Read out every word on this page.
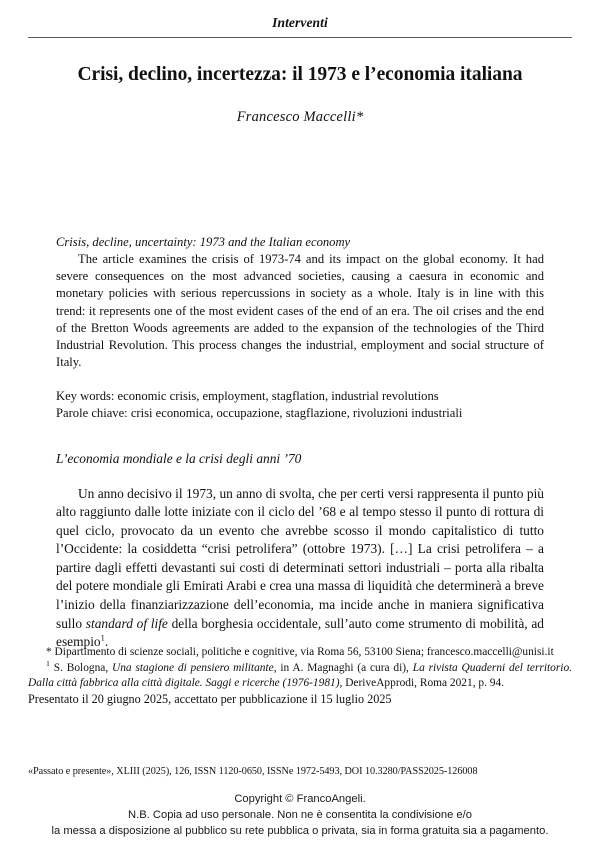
Interventi
Crisi, declino, incertezza: il 1973 e l’economia italiana
Francesco Maccelli*
Crisis, decline, uncertainty: 1973 and the Italian economy

The article examines the crisis of 1973-74 and its impact on the global economy. It had severe consequences on the most advanced societies, causing a caesura in economic and monetary policies with serious repercussions in society as a whole. Italy is in line with this trend: it represents one of the most evident cases of the end of an era. The oil crises and the end of the Bretton Woods agreements are added to the expansion of the technologies of the Third Industrial Revolution. This process changes the industrial, employment and social structure of Italy.

Key words: economic crisis, employment, stagflation, industrial revolutions
Parole chiave: crisi economica, occupazione, stagflazione, rivoluzioni industriali
L’economia mondiale e la crisi degli anni ’70

Un anno decisivo il 1973, un anno di svolta, che per certi versi rappresenta il punto più alto raggiunto dalle lotte iniziate con il ciclo del ’68 e al tempo stesso il punto di rottura di quel ciclo, provocato da un evento che avrebbe scosso il mondo capitalistico di tutto l’Occidente: la cosiddetta “crisi petrolifera” (ottobre 1973). […] La crisi petrolifera – a partire dagli effetti devastanti sui costi di determinati settori industriali – porta alla ribalta del potere mondiale gli Emirati Arabi e crea una massa di liquidità che determinerà a breve l’inizio della finanziarizzazione dell’economia, ma incide anche in maniera significativa sullo standard of life della borghesia occidentale, sull’auto come strumento di mobilità, ad esempio$^1$.

* Dipartimento di scienze sociali, politiche e cognitive, via Roma 56, 53100 Siena; francesco.maccelli@unisi.it

$^1$ S. Bologna, Una stagione di pensiero militante, in A. Magnaghi (a cura di), La rivista Quaderni del territorio. Dalla città fabbrica alla città digitale. Saggi e ricerche (1976-1981), DeriveApprodi, Roma 2021, p. 94.

Presentato il 20 giugno 2025, accettato per pubblicazione il 15 luglio 2025

«Passato e presente», XLIII (2025), 126, ISSN 1120-0650, ISSNe 1972-5493, DOI 10.3280/PASS2025-126008
Copyright © FrancoAngeli.
N.B. Copia ad uso personale. Non ne è consentita la condivisione e/o
la messa a disposizione al pubblico su rete pubblica o privata, sia in forma gratuita sia a pagamento.
